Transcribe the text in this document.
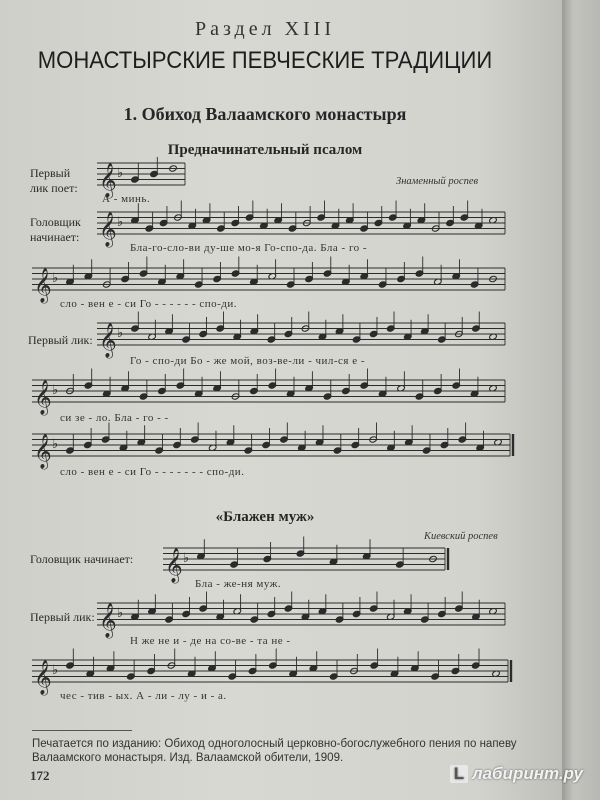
Раздел XIII
МОНАСТЫРСКИЕ ПЕВЧЕСКИЕ ТРАДИЦИИ
1. Обиход Валаамского монастыря
Предначинательный псалом
Знаменный роспев
Первый лик поет: 𝄞 ♭
𝄞 ♭
𝄞 ♭
𝄞 ♭
𝄞 ♭
𝄞 ♭
𝄞 ♭
𝄞 ♭
𝄞 ♭
А - минь.
Головщик начинает:
Бла-го-сло-ви ду-ше мо-я Го-спо-да. Бла - го -
сло - вен е - си Го - - - - - - спо-ди.
Первый лик:
Го - спо-ди Бо - же мой, воз-ве-ли - чил-ся е -
си зе - ло. Бла - го - -
сло - вен е - си Го - - - - - - - спо-ди.
«Блажен муж»
Киевский роспев
Головщик начинает:
Бла - же-ня муж.
Первый лик:
Н же не и - де на со-ве - та не -
чес - тив - ых. А - ли - лу - и - а.
Печатается по изданию: Обиход одноголосный церковно-богослужебного пения по напеву Валаамского монастыря. Изд. Валаамской обители, 1909.
172	L лабиринт.ру
